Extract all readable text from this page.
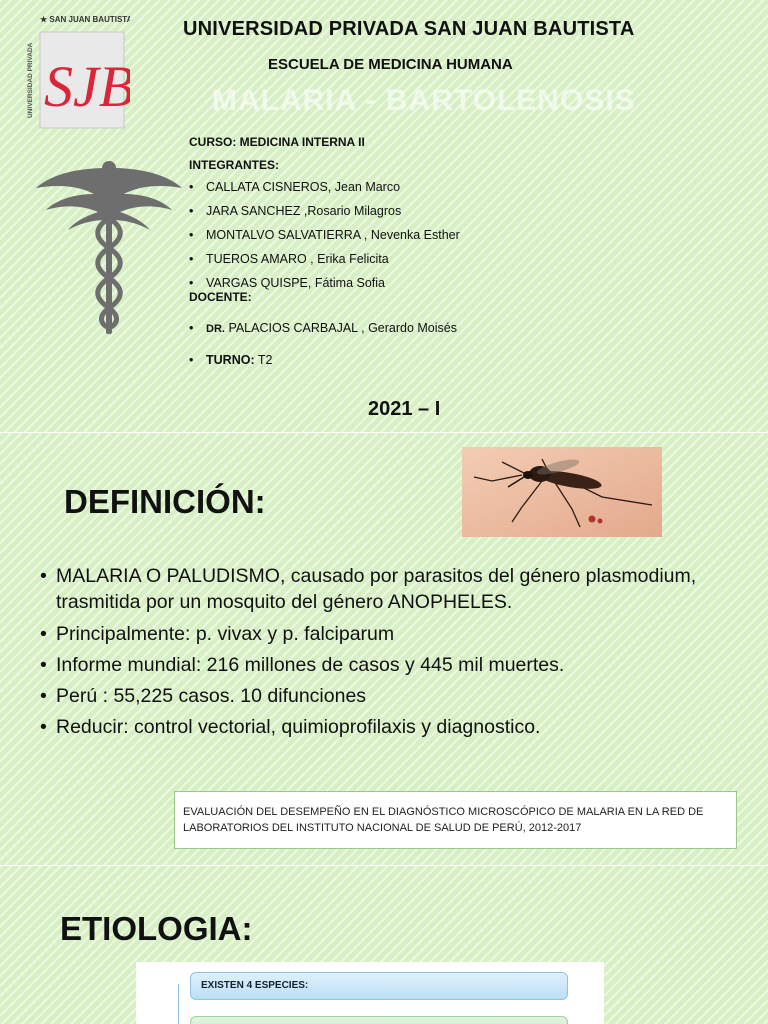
★ SAN JUAN BAUTISTA
UNIVERSIDAD PRIVADA SJB
UNIVERSIDAD PRIVADA SAN JUAN BAUTISTA
ESCUELA DE MEDICINA HUMANA
MALARIA - BARTOLENOSIS
CURSO: MEDICINA INTERNA II
INTEGRANTES:
• CALLATA CISNEROS, Jean Marco
• JARA SANCHEZ ,Rosario Milagros
• MONTALVO SALVATIERRA , Nevenka Esther
• TUEROS AMARO , Erika Felicita
• VARGAS QUISPE, Fátima Sofia
DOCENTE:
• DR. PALACIOS CARBAJAL , Gerardo Moisés
• TURNO: T2
2021 – I
DEFINICIÓN:
• MALARIA O PALUDISMO, causado por parasitos del género plasmodium, trasmitida por un mosquito del género ANOPHELES.
• Principalmente: p. vivax y p. falciparum
• Informe mundial: 216 millones de casos y 445 mil muertes.
• Perú : 55,225 casos. 10 difunciones
• Reducir: control vectorial, quimioprofilaxis y diagnostico.
EVALUACIÓN DEL DESEMPEÑO EN EL DIAGNÓSTICO MICROSCÓPICO DE MALARIA EN LA RED DE LABORATORIOS DEL INSTITUTO NACIONAL DE SALUD DE PERÚ, 2012-2017
ETIOLOGIA:
EXISTEN 4 ESPECIES:
